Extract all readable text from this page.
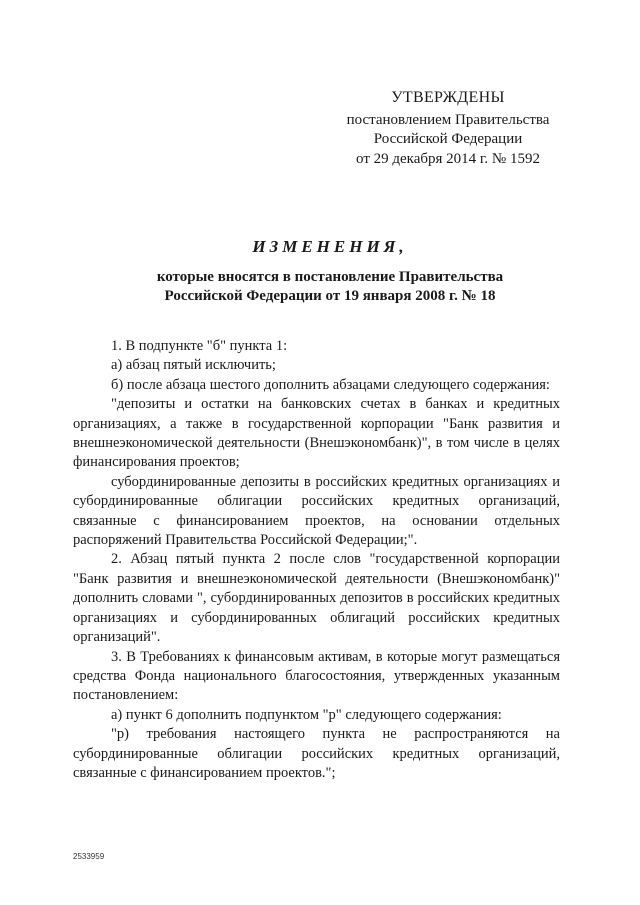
УТВЕРЖДЕНЫ
постановлением Правительства
Российской Федерации
от 29 декабря 2014 г. № 1592
ИЗМЕНЕНИЯ,
которые вносятся в постановление Правительства
Российской Федерации от 19 января 2008 г. № 18

1. В подпункте "б" пункта 1:

а) абзац пятый исключить;

б) после абзаца шестого дополнить абзацами следующего содержания:

"депозиты и остатки на банковских счетах в банках и кредитных организациях, а также в государственной корпорации "Банк развития и внешнеэкономической деятельности (Внешэкономбанк)", в том числе в целях финансирования проектов;

субординированные депозиты в российских кредитных организациях и субординированные облигации российских кредитных организаций, связанные с финансированием проектов, на основании отдельных распоряжений Правительства Российской Федерации;".

2. Абзац пятый пункта 2 после слов "государственной корпорации "Банк развития и внешнеэкономической деятельности (Внешэкономбанк)" дополнить словами ", субординированных депозитов в российских кредитных организациях и субординированных облигаций российских кредитных организаций".

3. В Требованиях к финансовым активам, в которые могут размещаться средства Фонда национального благосостояния, утвержденных указанным постановлением:

а) пункт 6 дополнить подпунктом "р" следующего содержания:

"р) требования настоящего пункта не распространяются на субординированные облигации российских кредитных организаций, связанные с финансированием проектов.";

2533959
